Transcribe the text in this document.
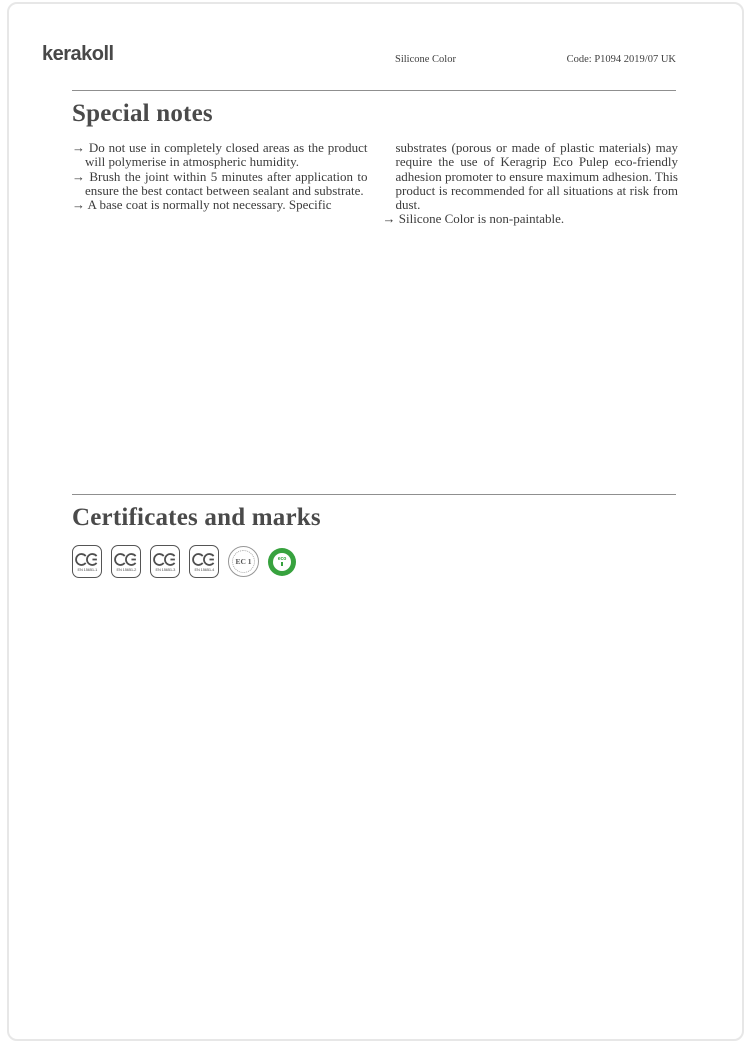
kerakoll	Silicone Color	Code: P1094 2019/07 UK
Special notes
→ Do not use in completely closed areas as the product will polymerise in atmospheric humidity.
→ Brush the joint within 5 minutes after application to ensure the best contact between sealant and substrate.
→ A base coat is normally not necessary. Specific
substrates (porous or made of plastic materials) may require the use of Keragrip Eco Pulep eco-friendly adhesion promoter to ensure maximum adhesion. This product is recommended for all situations at risk from dust.
→ Silicone Color is non-paintable.
Certificates and marks
EN 15651-1	EN 15651-2	EN 15651-3	EN 15651-4
EC 1	eco
